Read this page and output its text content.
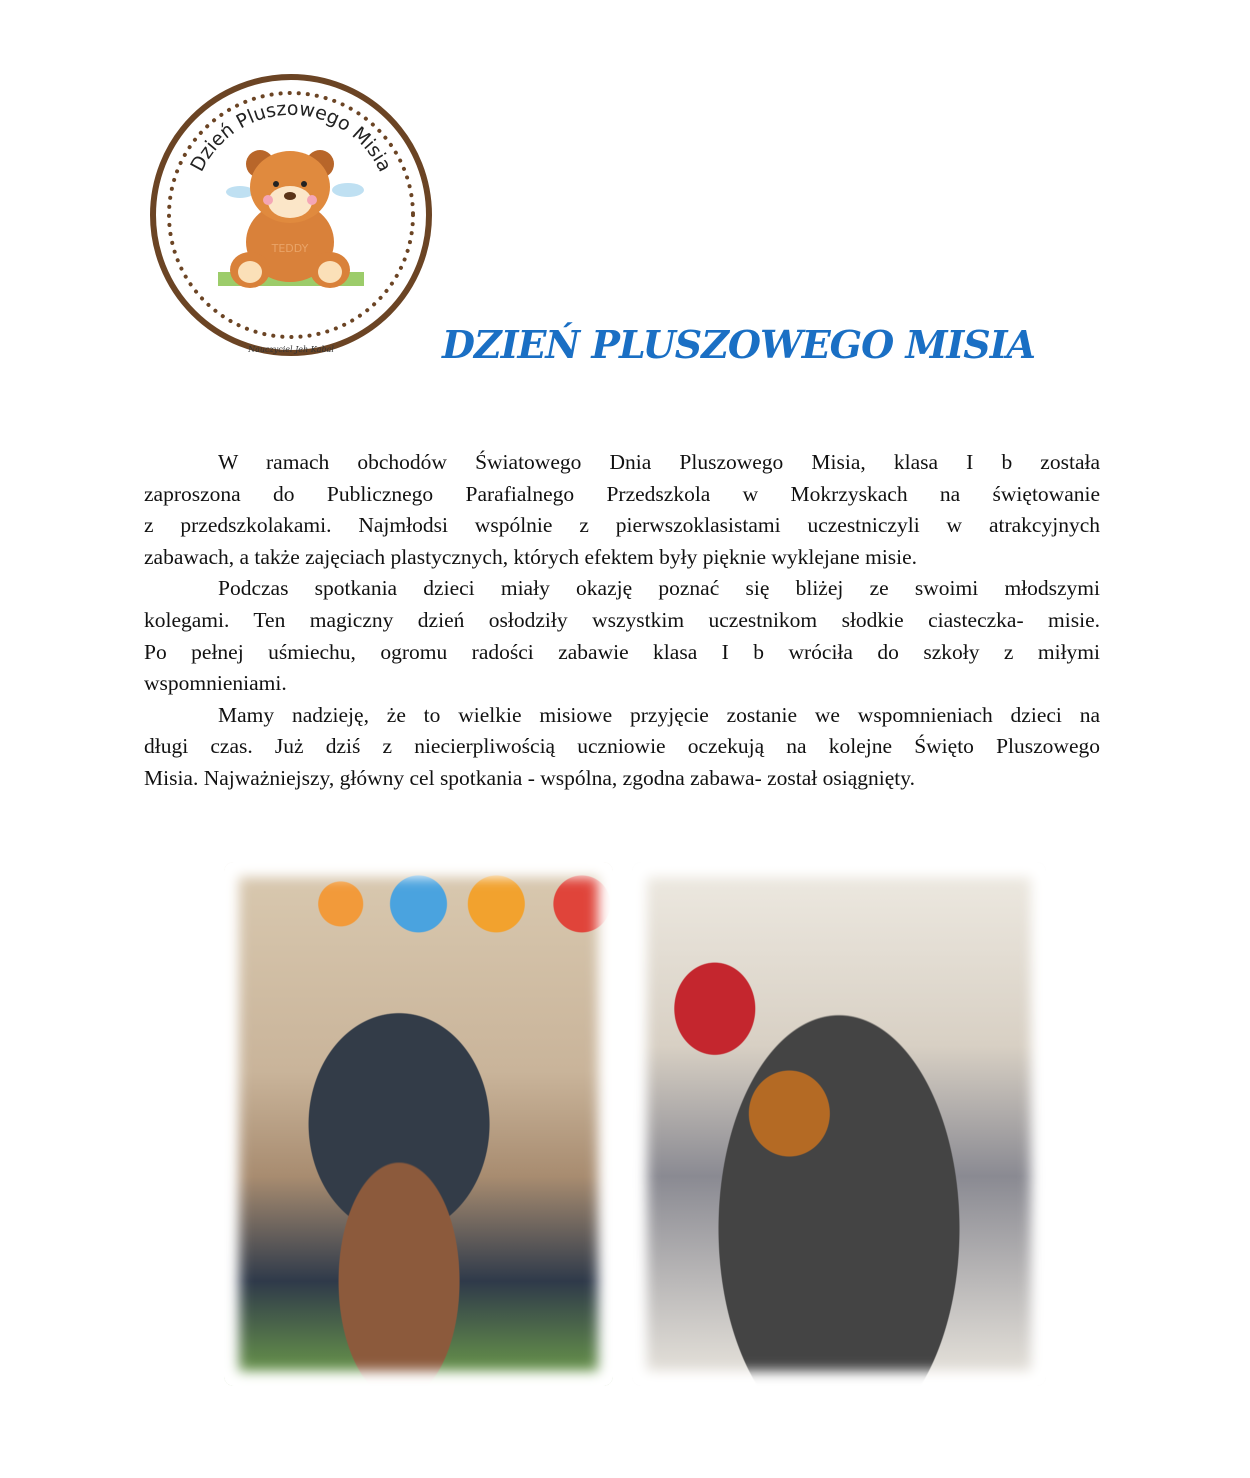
Dzień Pluszowego Misia
TEDDY
Nauczyciel Jeh Kabal	DZIEŃ PLUSZOWEGO MISIA
W ramach obchodów Światowego Dnia Pluszowego Misia, klasa I b została
zaproszona do Publicznego Parafialnego Przedszkola w Mokrzyskach na świętowanie
z przedszkolakami. Najmłodsi wspólnie z pierwszoklasistami uczestniczyli w atrakcyjnych
zabawach, a także zajęciach plastycznych, których efektem były pięknie wyklejane misie.
Podczas spotkania dzieci miały okazję poznać się bliżej ze swoimi młodszymi
kolegami. Ten magiczny dzień osłodziły wszystkim uczestnikom słodkie ciasteczka- misie.
Po pełnej uśmiechu, ogromu radości zabawie klasa I b wróciła do szkoły z miłymi
wspomnieniami.
Mamy nadzieję, że to wielkie misiowe przyjęcie zostanie we wspomnieniach dzieci na
długi czas. Już dziś z niecierpliwością uczniowie oczekują na kolejne Święto Pluszowego
Misia. Najważniejszy, główny cel spotkania - wspólna, zgodna zabawa- został osiągnięty.
